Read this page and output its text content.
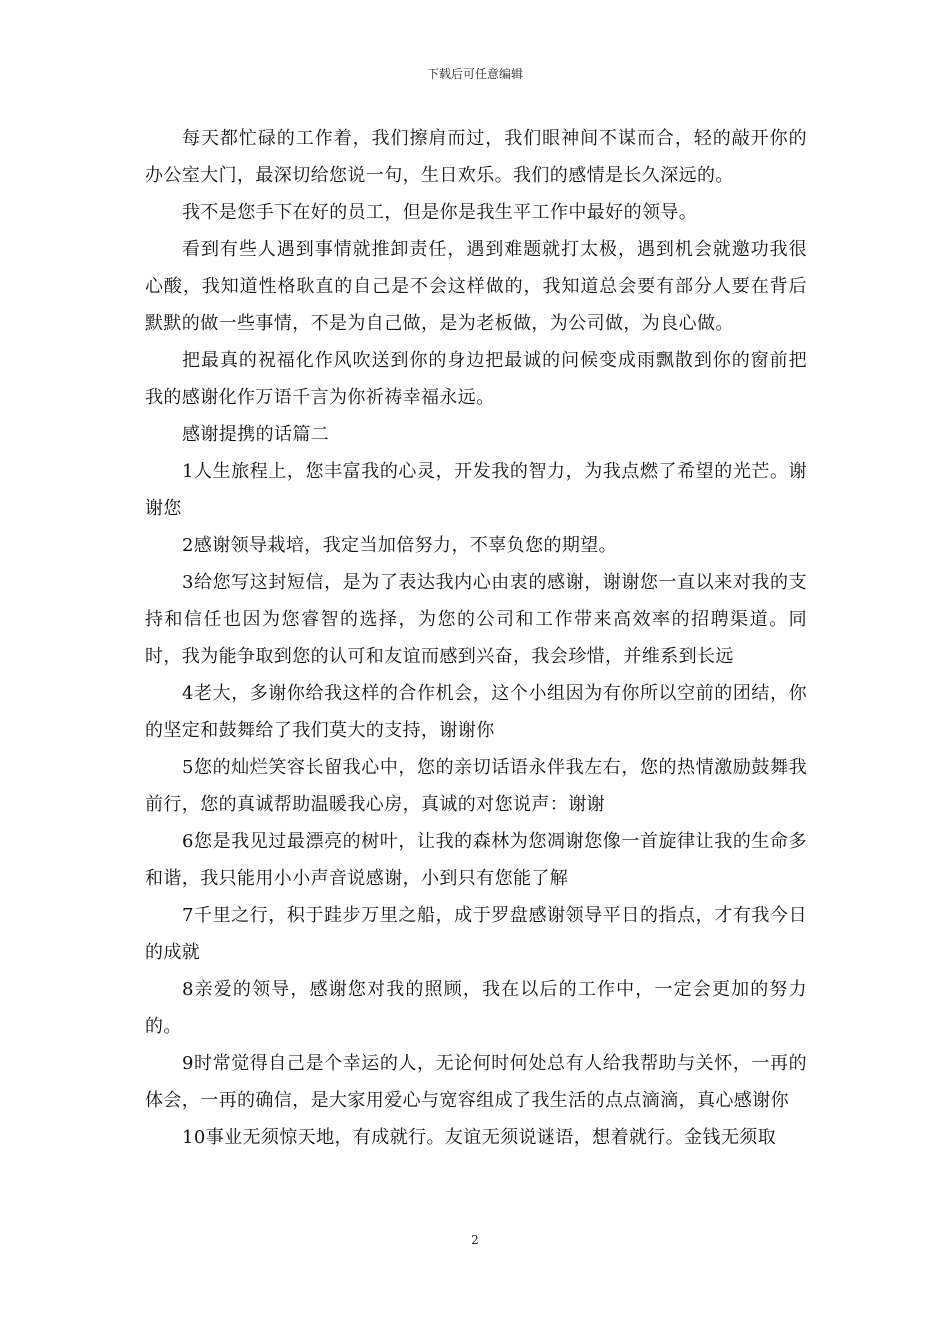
下载后可任意编辑

每天都忙碌的工作着，我们擦肩而过，我们眼神间不谋而合，轻的敲开你的办公室大门，最深切给您说一句，生日欢乐。我们的感情是长久深远的。

我不是您手下在好的员工，但是你是我生平工作中最好的领导。

看到有些人遇到事情就推卸责任，遇到难题就打太极，遇到机会就邀功我很心酸，我知道性格耿直的自己是不会这样做的，我知道总会要有部分人要在背后默默的做一些事情，不是为自己做，是为老板做，为公司做，为良心做。

把最真的祝福化作风吹送到你的身边把最诚的问候变成雨飘散到你的窗前把我的感谢化作万语千言为你祈祷幸福永远。

感谢提携的话篇二

1人生旅程上，您丰富我的心灵，开发我的智力，为我点燃了希望的光芒。谢谢您

2感谢领导栽培，我定当加倍努力，不辜负您的期望。

3给您写这封短信，是为了表达我内心由衷的感谢，谢谢您一直以来对我的支持和信任也因为您睿智的选择，为您的公司和工作带来高效率的招聘渠道。同时，我为能争取到您的认可和友谊而感到兴奋，我会珍惜，并维系到长远

4老大，多谢你给我这样的合作机会，这个小组因为有你所以空前的团结，你的坚定和鼓舞给了我们莫大的支持，谢谢你

5您的灿烂笑容长留我心中，您的亲切话语永伴我左右，您的热情激励鼓舞我前行，您的真诚帮助温暖我心房，真诚的对您说声：谢谢

6您是我见过最漂亮的树叶，让我的森林为您凋谢您像一首旋律让我的生命多和谐，我只能用小小声音说感谢，小到只有您能了解

7千里之行，积于跬步万里之船，成于罗盘感谢领导平日的指点，才有我今日的成就

8亲爱的领导，感谢您对我的照顾，我在以后的工作中，一定会更加的努力的。

9时常觉得自己是个幸运的人，无论何时何处总有人给我帮助与关怀，一再的体会，一再的确信，是大家用爱心与宽容组成了我生活的点点滴滴，真心感谢你

10事业无须惊天地，有成就行。友谊无须说谜语，想着就行。金钱无须取

2
